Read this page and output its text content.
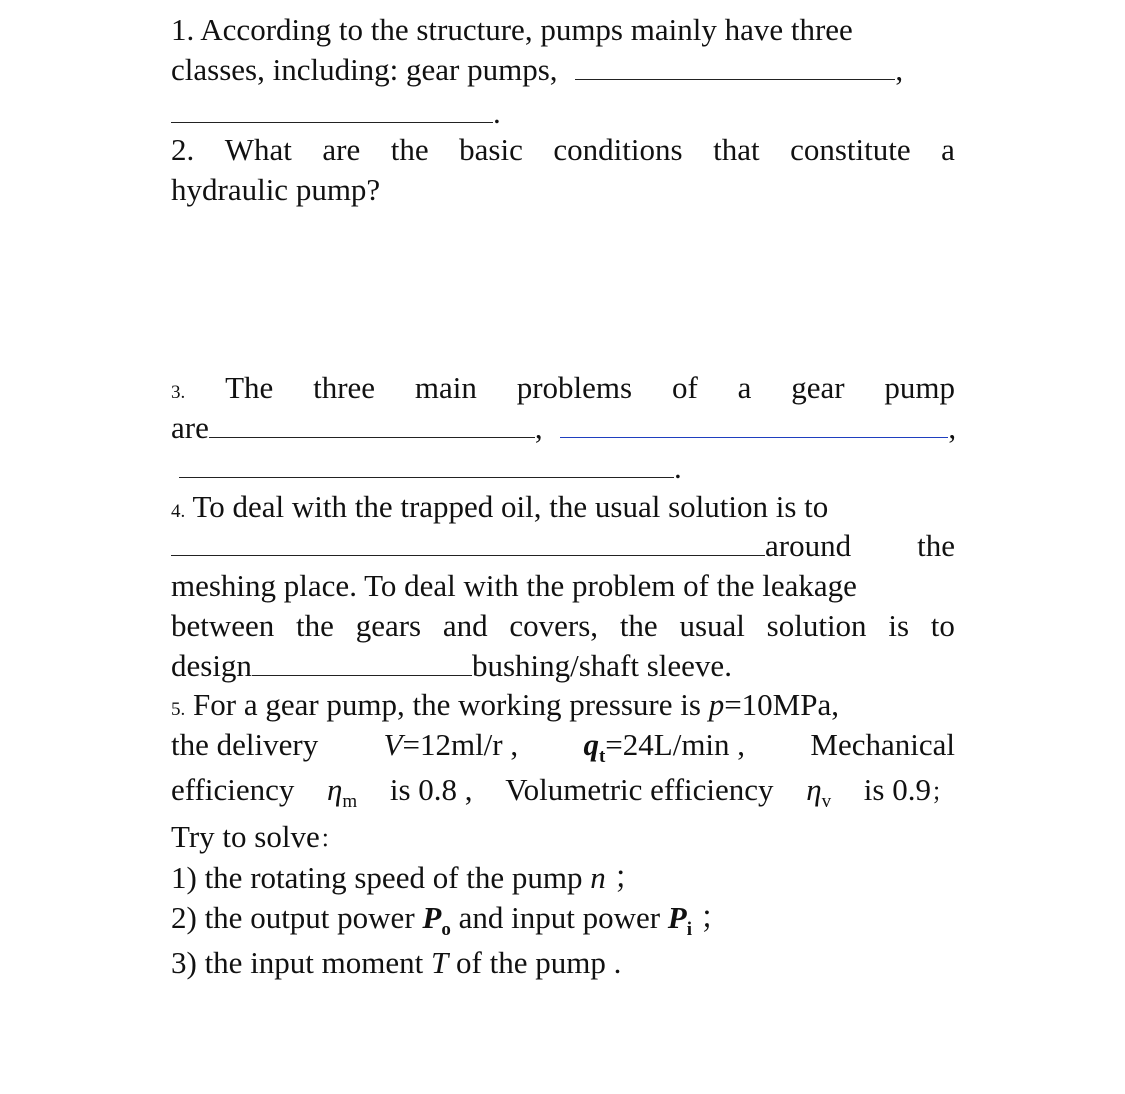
1. According to the structure, pumps mainly have three
classes, including: gear pumps,	,
.
2. What are the basic conditions that constitute a
hydraulic pump?
3. The three main problems of a gear pump
are	,	,
.
4. To deal with the trapped oil, the usual solution is to
around the
meshing place. To deal with the problem of the leakage
between the gears and covers, the usual solution is to
design	bushing/shaft sleeve.
5. For a gear pump, the working pressure is p=10MPa,
the delivery V=12ml/r , $q_t=24L/\min$ , Mechanical
efficiency $\eta_m$ is 0.8 , Volumetric efficiency $\eta_v$ is 0.9；
Try to solve：
1) the rotating speed of the pump n ；
2) the output power $P_o$ and input power $P_i$ ；
3) the input moment T of the pump .
